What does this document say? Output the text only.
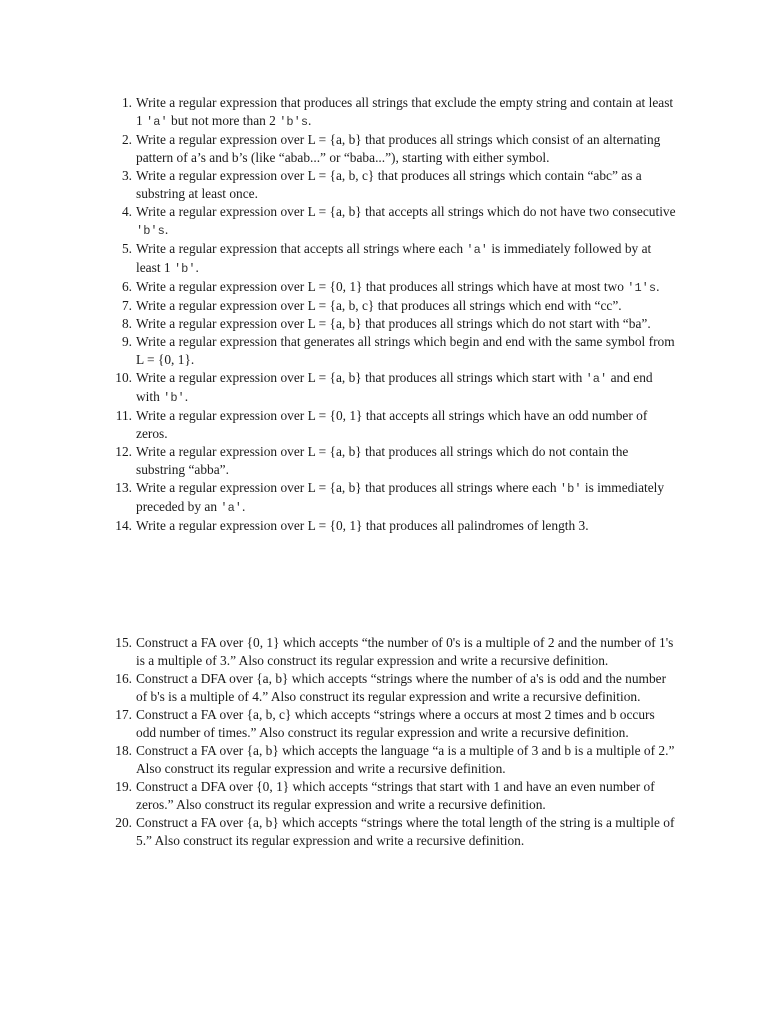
1. Write a regular expression that produces all strings that exclude the empty string and contain at least 1 'a' but not more than 2 'b's.
2. Write a regular expression over L = {a, b} that produces all strings which consist of an alternating pattern of a’s and b’s (like “abab...” or “baba...”), starting with either symbol.
3. Write a regular expression over L = {a, b, c} that produces all strings which contain “abc” as a substring at least once.
4. Write a regular expression over L = {a, b} that accepts all strings which do not have two consecutive 'b's.
5. Write a regular expression that accepts all strings where each 'a' is immediately followed by at least 1 'b'.
6. Write a regular expression over L = {0, 1} that produces all strings which have at most two '1's.
7. Write a regular expression over L = {a, b, c} that produces all strings which end with “cc”.
8. Write a regular expression over L = {a, b} that produces all strings which do not start with “ba”.
9. Write a regular expression that generates all strings which begin and end with the same symbol from L = {0, 1}.
10. Write a regular expression over L = {a, b} that produces all strings which start with 'a' and end with 'b'.
11. Write a regular expression over L = {0, 1} that accepts all strings which have an odd number of zeros.
12. Write a regular expression over L = {a, b} that produces all strings which do not contain the substring “abba”.
13. Write a regular expression over L = {a, b} that produces all strings where each 'b' is immediately preceded by an 'a'.
14. Write a regular expression over L = {0, 1} that produces all palindromes of length 3.
15. Construct a FA over {0, 1} which accepts “the number of 0's is a multiple of 2 and the number of 1's is a multiple of 3.” Also construct its regular expression and write a recursive definition.
16. Construct a DFA over {a, b} which accepts “strings where the number of a's is odd and the number of b's is a multiple of 4.” Also construct its regular expression and write a recursive definition.
17. Construct a FA over {a, b, c} which accepts “strings where a occurs at most 2 times and b occurs odd number of times.” Also construct its regular expression and write a recursive definition.
18. Construct a FA over {a, b} which accepts the language “a is a multiple of 3 and b is a multiple of 2.” Also construct its regular expression and write a recursive definition.
19. Construct a DFA over {0, 1} which accepts “strings that start with 1 and have an even number of zeros.” Also construct its regular expression and write a recursive definition.
20. Construct a FA over {a, b} which accepts “strings where the total length of the string is a multiple of 5.” Also construct its regular expression and write a recursive definition.
